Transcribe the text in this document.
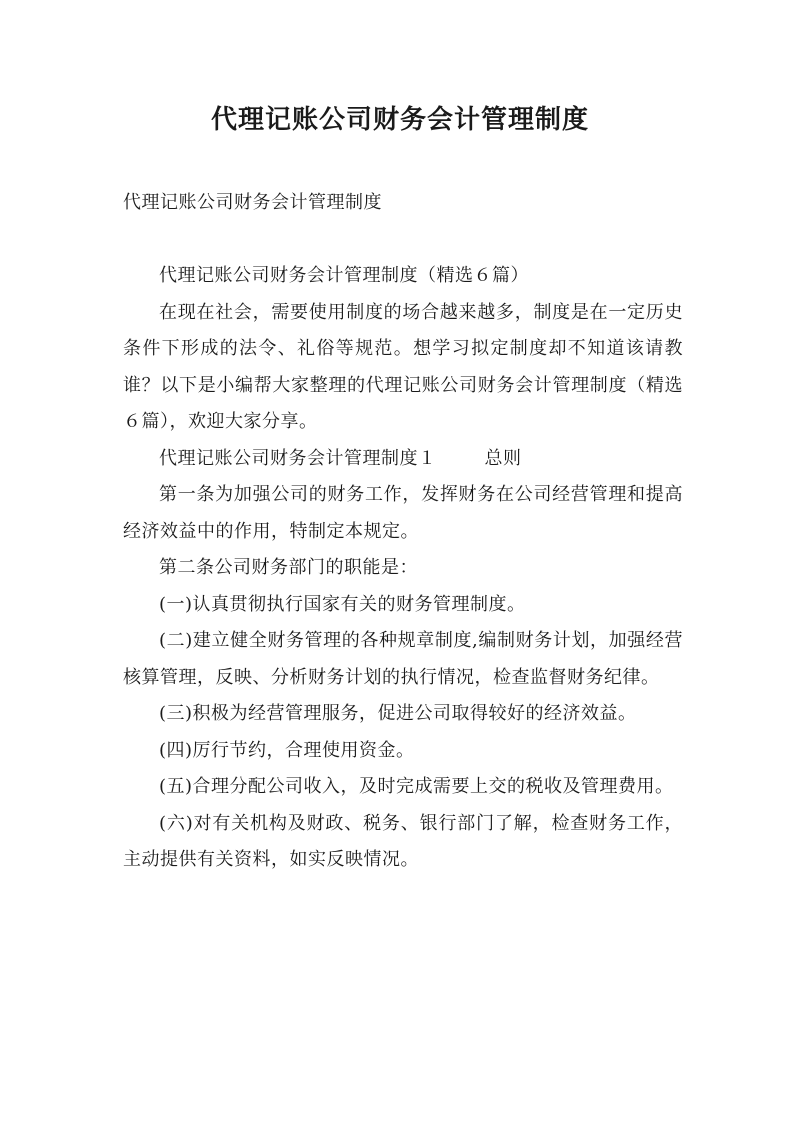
代理记账公司财务会计管理制度

代理记账公司财务会计管理制度

代理记账公司财务会计管理制度（精选６篇）

在现在社会，需要使用制度的场合越来越多，制度是在一定历史条件下形成的法令、礼俗等规范。想学习拟定制度却不知道该请教谁？以下是小编帮大家整理的代理记账公司财务会计管理制度（精选６篇），欢迎大家分享。

代理记账公司财务会计管理制度１	总则

第一条为加强公司的财务工作，发挥财务在公司经营管理和提高经济效益中的作用，特制定本规定。

第二条公司财务部门的职能是：

(一)认真贯彻执行国家有关的财务管理制度。

(二)建立健全财务管理的各种规章制度,编制财务计划，加强经营核算管理，反映、分析财务计划的执行情况，检查监督财务纪律。

(三)积极为经营管理服务，促进公司取得较好的经济效益。

(四)厉行节约，合理使用资金。

(五)合理分配公司收入，及时完成需要上交的税收及管理费用。

(六)对有关机构及财政、税务、银行部门了解，检查财务工作，主动提供有关资料，如实反映情况。
